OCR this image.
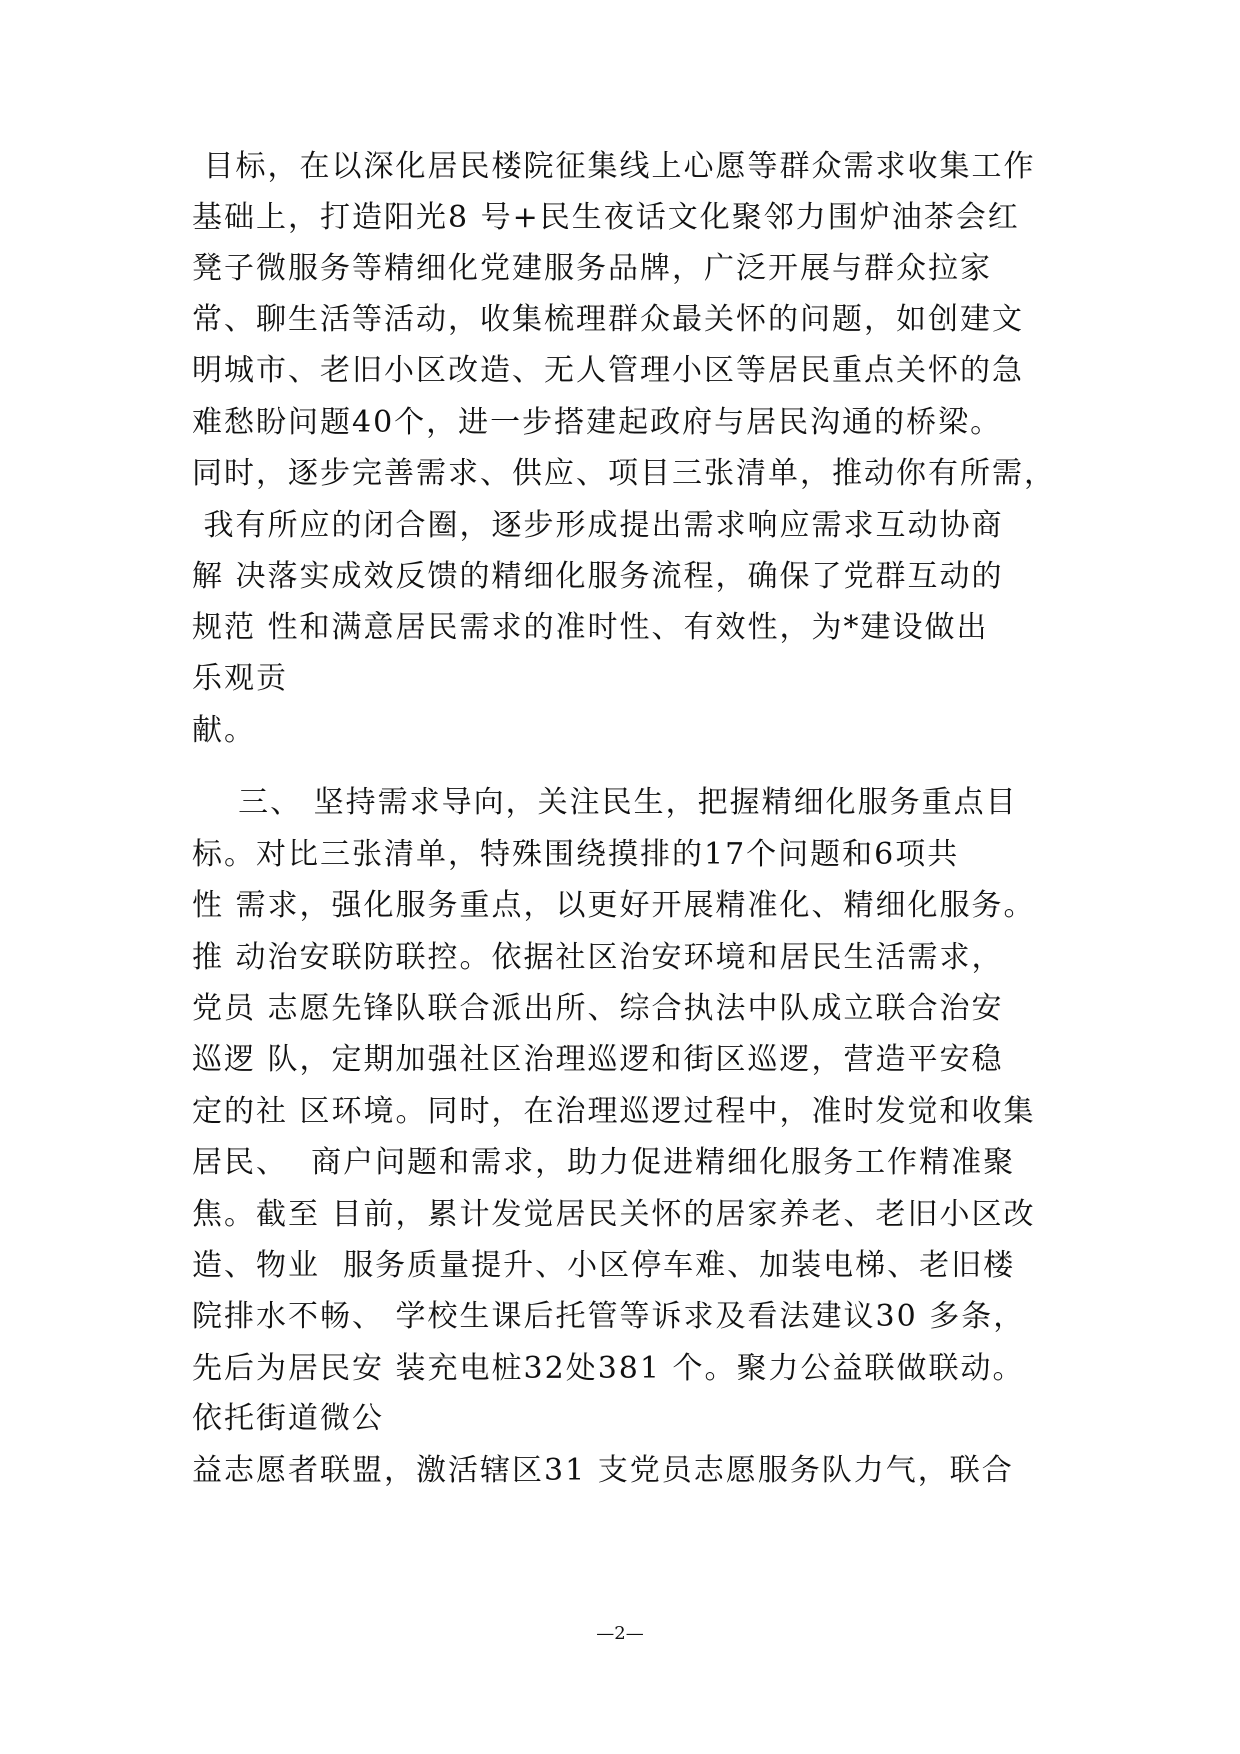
目标，在以深化居民楼院征集线上心愿等群众需求收集工作
基础上，打造阳光8 号+民生夜话文化聚邻力围炉油茶会红
凳子微服务等精细化党建服务品牌，广泛开展与群众拉家
常、聊生活等活动，收集梳理群众最关怀的问题，如创建文
明城市、老旧小区改造、无人管理小区等居民重点关怀的急
难愁盼问题40个，进一步搭建起政府与居民沟通的桥梁。
同时，逐步完善需求、供应、项目三张清单，推动你有所需，
我有所应的闭合圈，逐步形成提出需求响应需求互动协商
解 决落实成效反馈的精细化服务流程，确保了党群互动的
规范 性和满意居民需求的准时性、有效性，为*建设做出
乐观贡
献。
三、 坚持需求导向，关注民生，把握精细化服务重点目
标。对比三张清单，特殊围绕摸排的17个问题和6项共
性 需求，强化服务重点，以更好开展精准化、精细化服务。
推 动治安联防联控。依据社区治安环境和居民生活需求，
党员 志愿先锋队联合派出所、综合执法中队成立联合治安
巡逻 队，定期加强社区治理巡逻和街区巡逻，营造平安稳
定的社 区环境。同时，在治理巡逻过程中，准时发觉和收集
居民、  商户问题和需求，助力促进精细化服务工作精准聚
焦。截至 目前，累计发觉居民关怀的居家养老、老旧小区改
造、物业  服务质量提升、小区停车难、加装电梯、老旧楼
院排水不畅、 学校生课后托管等诉求及看法建议30 多条，
先后为居民安 装充电桩32处381 个。聚力公益联做联动。
依托街道微公
益志愿者联盟，激活辖区31 支党员志愿服务队力气，联合
—2—
